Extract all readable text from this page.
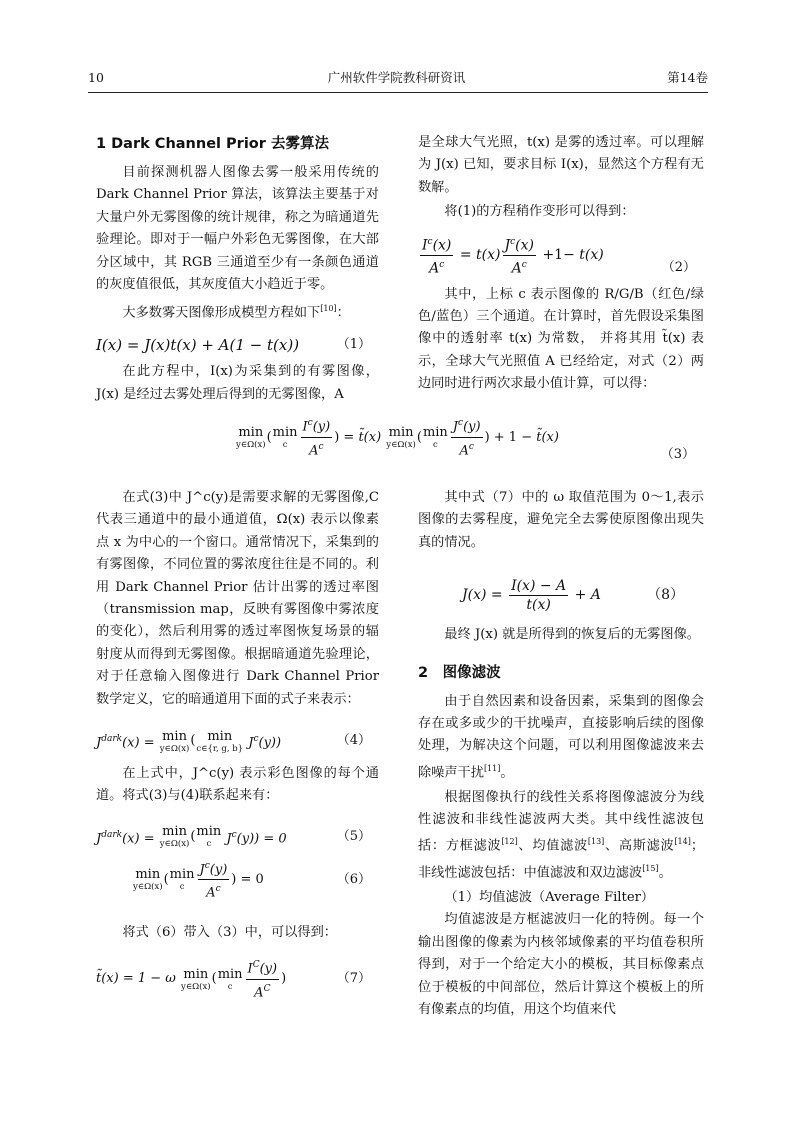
10	广州软件学院教科研资讯	第14卷

1 Dark Channel Prior 去雾算法

目前探测机器人图像去雾一般采用传统的 Dark Channel Prior 算法，该算法主要基于对大量户外无雾图像的统计规律，称之为暗通道先验理论。即对于一幅户外彩色无雾图像，在大部分区域中，其 RGB 三通道至少有一条颜色通道的灰度值很低，其灰度值大小趋近于零。

大多数雾天图像形成模型方程如下[10]：

I(x) = J(x)t(x) + A(1 − t(x))	（1）

在此方程中，I(x)为采集到的有雾图像，J(x) 是经过去雾处理后得到的无雾图像，A

是全球大气光照，t(x) 是雾的透过率。可以理解为 J(x) 已知，要求目标 I(x)，显然这个方程有无数解。

将(1)的方程稍作变形可以得到：

$\frac{I^c(x)}{A^c} = t(x) \frac{J^c(x)}{A^c} +1- t(x)$
（2）

其中，上标 c 表示图像的 R/G/B（红色/绿色/蓝色）三个通道。在计算时，首先假设采集图像中的透射率 t(x) 为常数， 并将其用 t̃(x) 表示，全球大气光照值 A 已经给定，对式（2）两边同时进行两次求最小值计算，可以得：

min
y∈Ω(x) ( min
c $\frac{I^c(y)}{A^c}$ ) = t̃(x) min
y∈Ω(x) ( min
c $\frac{J^c(y)}{A^c}$ ) + 1 − t̃(x)
（3）

在式(3)中 J^c(y)是需要求解的无雾图像,C 代表三通道中的最小通道值，Ω(x) 表示以像素点 x 为中心的一个窗口。通常情况下，采集到的有雾图像，不同位置的雾浓度往往是不同的。利用 Dark Channel Prior 估计出雾的透过率图（transmission map，反映有雾图像中雾浓度的变化），然后利用雾的透过率图恢复场景的辐射度从而得到无雾图像。根据暗通道先验理论，对于任意输入图像进行 Dark Channel Prior 数学定义，它的暗通道用下面的式子来表示：

$J^{dark}(x) = \min$
y∈Ω(x)
( min
c∈{r, g, b} $J^c(y)$)	（4）

在上式中，J^c(y) 表示彩色图像的每个通道。将式(3)与(4)联系起来有：

$J^{dark}(x) = \min$
y∈Ω(x)
( min
c $J^c(y)) = 0$	（5）
min
y∈Ω(x)
( min
c $\frac{J^c(y)}{A^c}$ ) = 0	（6）

将式（6）带入（3）中，可以得到：

t̃(x) = 1 − ω min
y∈Ω(x)
( min
c $\frac{I^C(y)}{A^C}$ )	（7）

其中式（7）中的 ω 取值范围为 0～1,表示图像的去雾程度，避免完全去雾使原图像出现失真的情况。

$J(x) = \frac{I(x) - A}{t(x)} + A$	（8）

最终 J(x) 就是所得到的恢复后的无雾图像。

2　图像滤波

由于自然因素和设备因素，采集到的图像会存在或多或少的干扰噪声，直接影响后续的图像处理，为解决这个问题，可以利用图像滤波来去除噪声干扰[11]。

根据图像执行的线性关系将图像滤波分为线性滤波和非线性滤波两大类。其中线性滤波包括：方框滤波[12]、均值滤波[13]、高斯滤波[14]；非线性滤波包括：中值滤波和双边滤波[15]。

（1）均值滤波（Average Filter）

均值滤波是方框滤波归一化的特例。每一个输出图像的像素为内核邻域像素的平均值卷积所得到，对于一个给定大小的模板，其目标像素点位于模板的中间部位，然后计算这个模板上的所有像素点的均值，用这个均值来代
